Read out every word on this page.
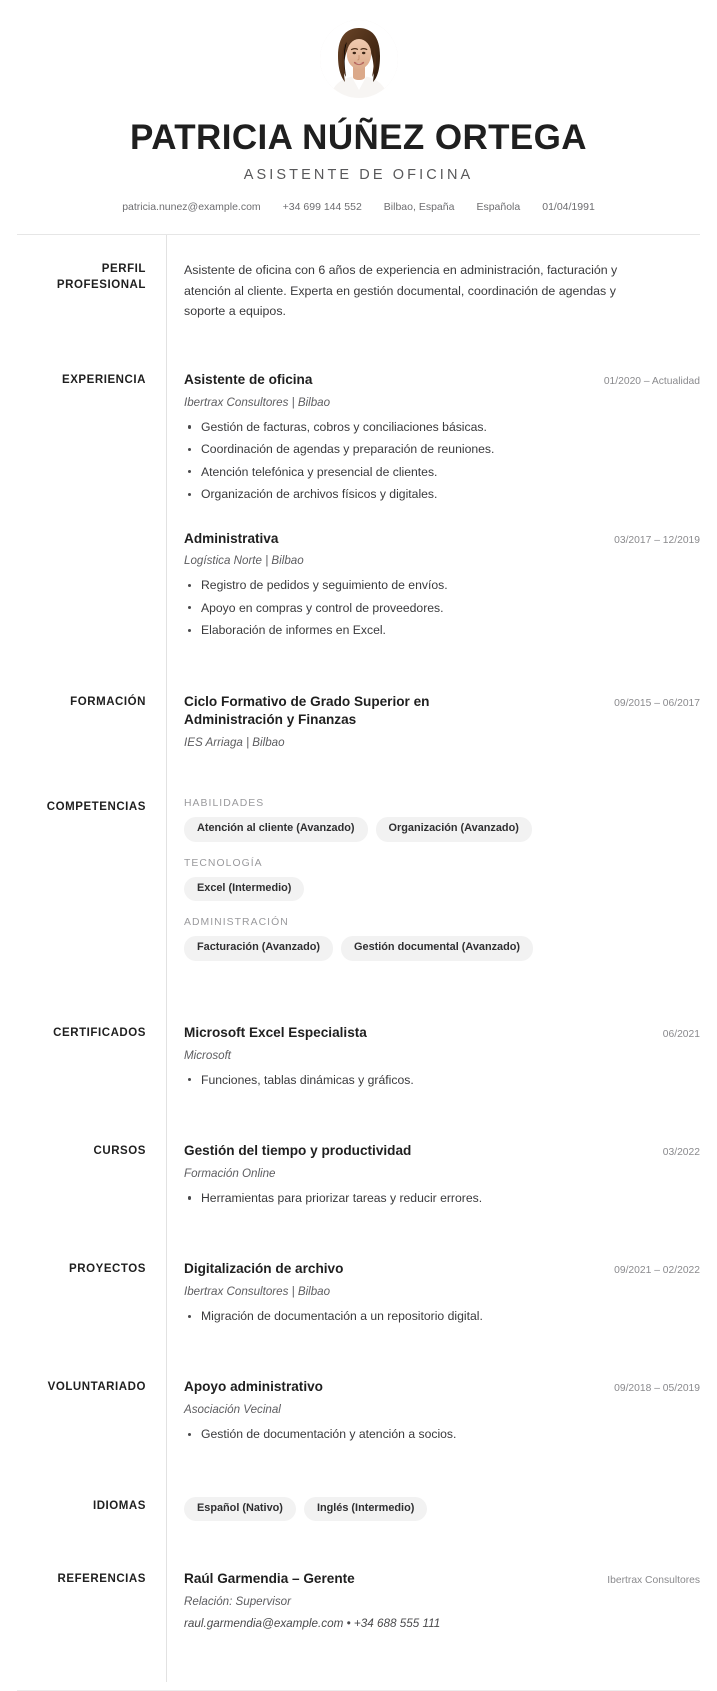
PATRICIA NÚÑEZ ORTEGA
ASISTENTE DE OFICINA
patricia.nunez@example.com +34 699 144 552 Bilbao, España Española 01/04/1991
PERFIL
PROFESIONAL

Asistente de oficina con 6 años de experiencia en administración, facturación y atención al cliente. Experta en gestión documental, coordinación de agendas y soporte a equipos.

EXPERIENCIA	Asistente de oficina	01/2020 – Actualidad
Ibertrax Consultores | Bilbao
Gestión de facturas, cobros y conciliaciones básicas.
Coordinación de agendas y preparación de reuniones.
Atención telefónica y presencial de clientes.
Organización de archivos físicos y digitales.
Administrativa	03/2017 – 12/2019
Logística Norte | Bilbao
Registro de pedidos y seguimiento de envíos.
Apoyo en compras y control de proveedores.
Elaboración de informes en Excel.
FORMACIÓN	Ciclo Formativo de Grado Superior en Administración y Finanzas
09/2015 – 06/2017
IES Arriaga | Bilbao
COMPETENCIAS	HABILIDADES
Atención al cliente (Avanzado)	Organización (Avanzado)
TECNOLOGÍA
Excel (Intermedio)
ADMINISTRACIÓN
Facturación (Avanzado)	Gestión documental (Avanzado)
CERTIFICADOS	Microsoft Excel Especialista	06/2021
Microsoft
Funciones, tablas dinámicas y gráficos.
CURSOS	Gestión del tiempo y productividad	03/2022
Formación Online
Herramientas para priorizar tareas y reducir errores.
PROYECTOS	Digitalización de archivo	09/2021 – 02/2022
Ibertrax Consultores | Bilbao
Migración de documentación a un repositorio digital.
VOLUNTARIADO	Apoyo administrativo	09/2018 – 05/2019
Asociación Vecinal
Gestión de documentación y atención a socios.
IDIOMAS	Español (Nativo)	Inglés (Intermedio)
REFERENCIAS	Raúl Garmendia – Gerente	Ibertrax Consultores
Relación: Supervisor
raul.garmendia@example.com • +34 688 555 111
